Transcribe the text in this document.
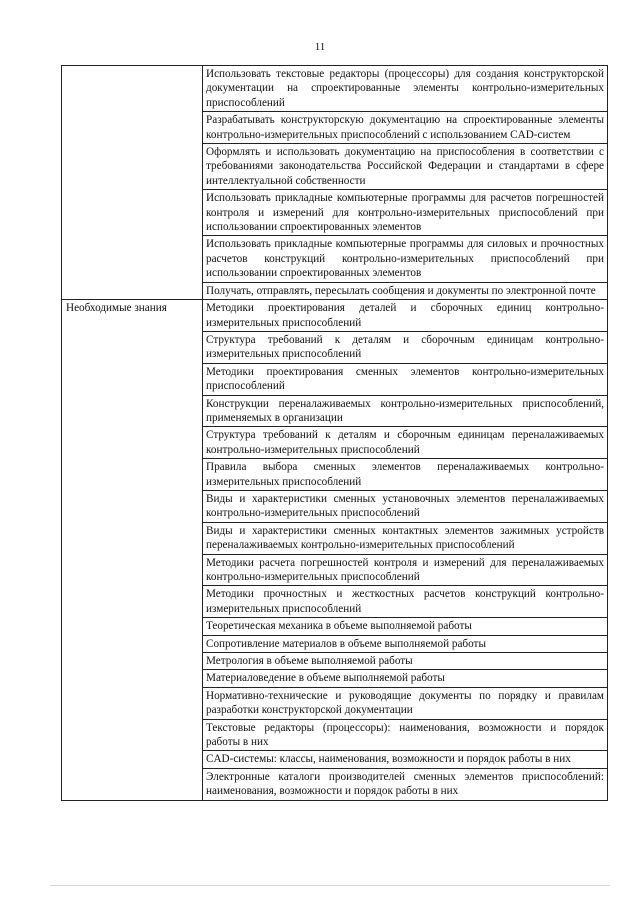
11
	Использовать текстовые редакторы (процессоры) для создания конструкторской документации на спроектированные элементы контрольно-измерительных приспособлений
	Разрабатывать конструкторскую документацию на спроектированные элементы контрольно-измерительных приспособлений с использованием CAD-систем
	Оформлять и использовать документацию на приспособления в соответствии с требованиями законодательства Российской Федерации и стандартами в сфере интеллектуальной собственности
	Использовать прикладные компьютерные программы для расчетов погрешностей контроля и измерений для контрольно-измерительных приспособлений при использовании спроектированных элементов
	Использовать прикладные компьютерные программы для силовых и прочностных расчетов конструкций контрольно-измерительных приспособлений при использовании спроектированных элементов
	Получать, отправлять, пересылать сообщения и документы по электронной почте
Необходимые знания	Методики проектирования деталей и сборочных единиц контрольно-измерительных приспособлений
	Структура требований к деталям и сборочным единицам контрольно-измерительных приспособлений
	Методики проектирования сменных элементов контрольно-измерительных приспособлений
	Конструкции переналаживаемых контрольно-измерительных приспособлений, применяемых в организации
	Структура требований к деталям и сборочным единицам переналаживаемых контрольно-измерительных приспособлений
	Правила выбора сменных элементов переналаживаемых контрольно-измерительных приспособлений
	Виды и характеристики сменных установочных элементов переналаживаемых контрольно-измерительных приспособлений
	Виды и характеристики сменных контактных элементов зажимных устройств переналаживаемых контрольно-измерительных приспособлений
	Методики расчета погрешностей контроля и измерений для переналаживаемых контрольно-измерительных приспособлений
	Методики прочностных и жесткостных расчетов конструкций контрольно-измерительных приспособлений
	Теоретическая механика в объеме выполняемой работы
	Сопротивление материалов в объеме выполняемой работы
	Метрология в объеме выполняемой работы
	Материаловедение в объеме выполняемой работы
	Нормативно-технические и руководящие документы по порядку и правилам разработки конструкторской документации
	Текстовые редакторы (процессоры): наименования, возможности и порядок работы в них
	CAD-системы: классы, наименования, возможности и порядок работы в них
	Электронные каталоги производителей сменных элементов приспособлений: наименования, возможности и порядок работы в них
